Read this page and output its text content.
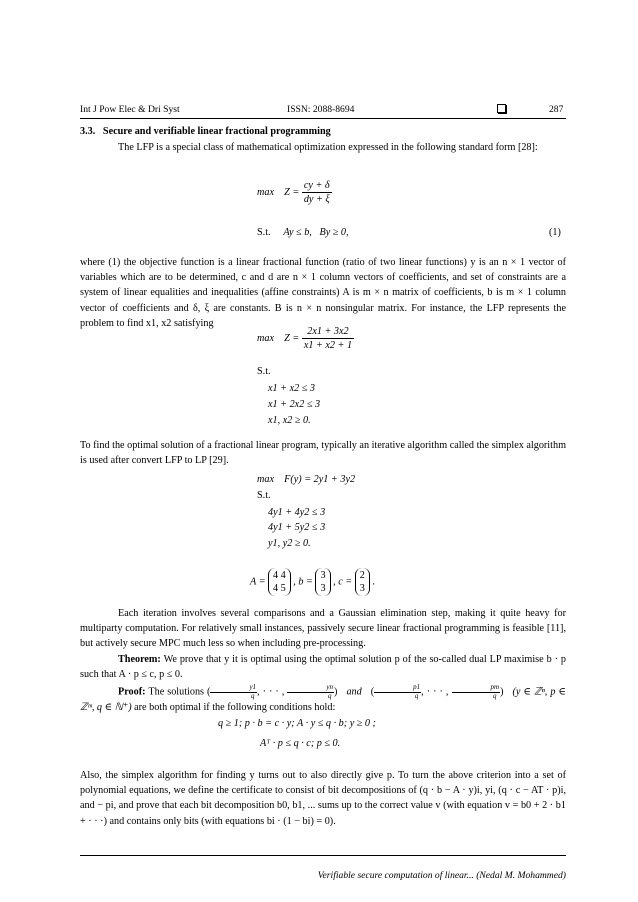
Int J Pow Elec & Dri Syst	ISSN: 2088-8694	287
3.3. Secure and verifiable linear fractional programming
The LFP is a special class of mathematical optimization expressed in the following standard form [28]:
$\max Z = \frac{cy + \delta}{dy + \xi}$
S.t. Ay ≤ b, By ≥ 0,	(1)
where (1) the objective function is a linear fractional function (ratio of two linear functions) y is an n × 1 vector of variables which are to be determined, c and d are n × 1 column vectors of coefficients, and set of constraints are a system of linear equalities and inequalities (affine constraints) A is m × n matrix of coefficients, b is m × 1 column vector of coefficients and δ, ξ are constants. B is n × n nonsingular matrix. For instance, the LFP represents the problem to find x1, x2 satisfying
$\max Z = \frac{2x1 + 3x2}{x1 + x2 + 1}$
S.t.
x1 + x2 ≤ 3
x1 + 2x2 ≤ 3
x1, x2 ≥ 0.
To find the optimal solution of a fractional linear program, typically an iterative algorithm called the simplex algorithm is used after convert LFP to LP [29].
max F(y) = 2y1 + 3y2
S.t.
4y1 + 4y2 ≤ 3
4y1 + 5y2 ≤ 3
y1, y2 ≥ 0.
A =
4 4
4 5
, b =
3
3
, c =
2
3
.
Each iteration involves several comparisons and a Gaussian elimination step, making it quite heavy for multiparty computation. For relatively small instances, passively secure linear fractional programming is feasible [11], but actively secure MPC much less so when including pre-processing.
Theorem: We prove that y it is optimal using the optimal solution p of the so-called dual LP maximise b · p such that A · p ≤ c, p ≤ 0.
Proof: The solutions ( $\frac{y1}{q}$ , · · · , $\frac{yn}{q}$ )   and   ( $\frac{p1}{q}$ , · · · , $\frac{pm}{q}$ )   (y ∈ ℤⁿ, p ∈ ℤᵐ, q ∈ ℕ⁺) are both optimal if the following conditions hold:
q ≥ 1; p · b = c · y; A · y ≤ q · b; y ≥ 0 ;
Aᵀ · p ≤ q · c; p ≤ 0.
Also, the simplex algorithm for finding y turns out to also directly give p. To turn the above criterion into a set of polynomial equations, we define the certificate to consist of bit decompositions of (q · b − A · y)i, yi, (q · c − AT · p)i, and − pi, and prove that each bit decomposition b0, b1, ... sums up to the correct value v (with equation v = b0 + 2 · b1 + · · ·) and contains only bits (with equations bi · (1 − bi) = 0).
Verifiable secure computation of linear... (Nedal M. Mohammed)
